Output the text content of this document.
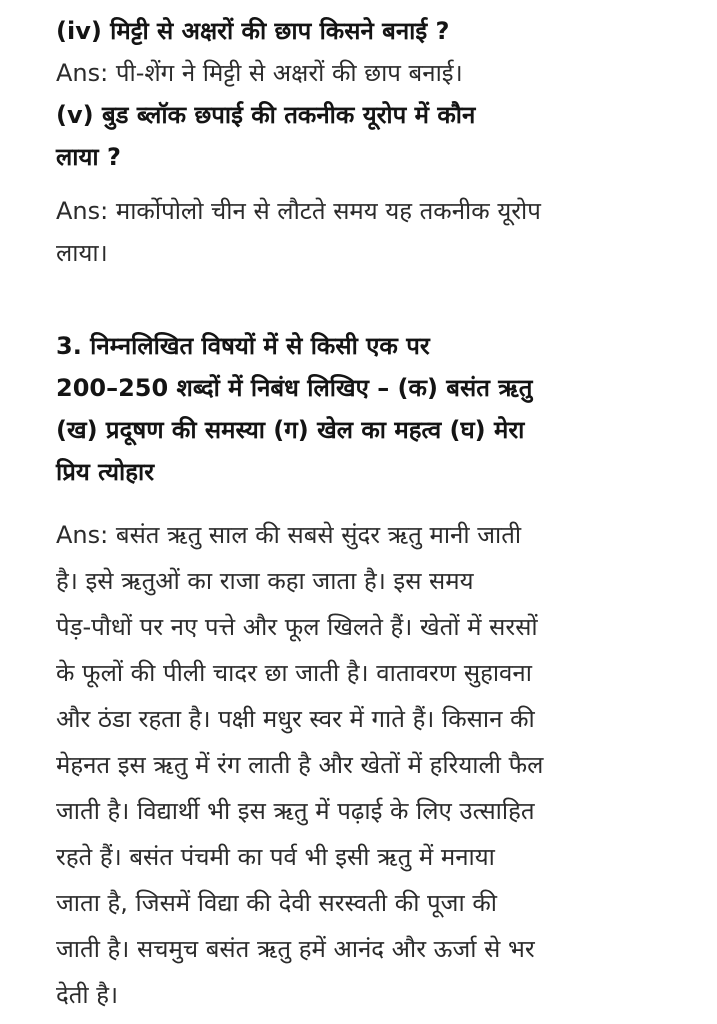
(iv) मिट्टी से अक्षरों की छाप किसने बनाई ?

Ans: पी-शेंग ने मिट्टी से अक्षरों की छाप बनाई।

(v) बुड ब्लॉक छपाई की तकनीक यूरोप में कौन
लाया ?

Ans: मार्कोपोलो चीन से लौटते समय यह तकनीक यूरोप
लाया।

3. निम्नलिखित विषयों में से किसी एक पर
200–250 शब्दों में निबंध लिखिए – (क) बसंत ऋतु
(ख) प्रदूषण की समस्या (ग) खेल का महत्व (घ) मेरा
प्रिय त्योहार

Ans: बसंत ऋतु साल की सबसे सुंदर ऋतु मानी जाती
है। इसे ऋतुओं का राजा कहा जाता है। इस समय
पेड़-पौधों पर नए पत्ते और फूल खिलते हैं। खेतों में सरसों
के फूलों की पीली चादर छा जाती है। वातावरण सुहावना
और ठंडा रहता है। पक्षी मधुर स्वर में गाते हैं। किसान की
मेहनत इस ऋतु में रंग लाती है और खेतों में हरियाली फैल
जाती है। विद्यार्थी भी इस ऋतु में पढ़ाई के लिए उत्साहित
रहते हैं। बसंत पंचमी का पर्व भी इसी ऋतु में मनाया
जाता है, जिसमें विद्या की देवी सरस्वती की पूजा की
जाती है। सचमुच बसंत ऋतु हमें आनंद और ऊर्जा से भर
देती है।
